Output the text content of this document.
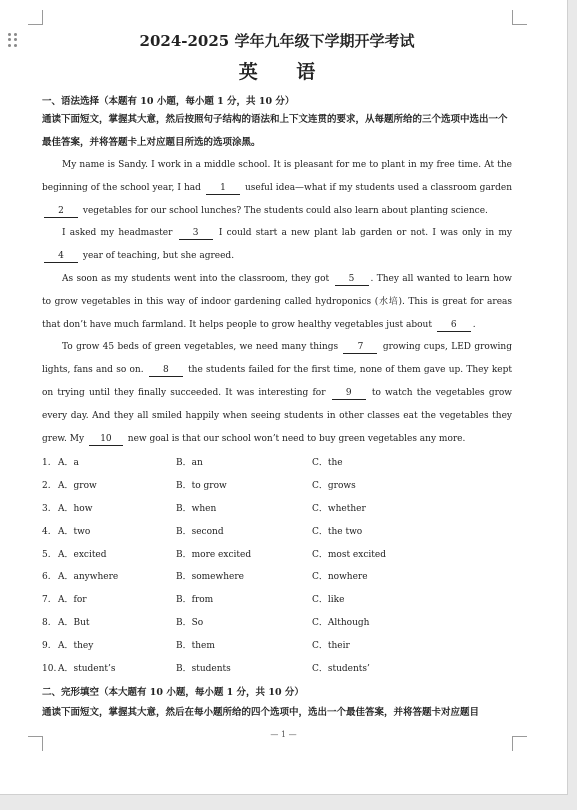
2024-2025 学年九年级下学期开学考试
英 语

一、语法选择（本题有 10 小题，每小题 1 分，共 10 分）

通读下面短文，掌握其大意，然后按照句子结构的语法和上下文连贯的要求，从每题所给的三个选项中选出一个最佳答案，并将答题卡上对应题目所选的选项涂黑。

My name is Sandy. I work in a middle school. It is pleasant for me to plant in my free time. At the beginning of the school year, I had 1 useful idea—what if my students used a classroom garden 2 vegetables for our school lunches? The students could also learn about planting science.

I asked my headmaster 3 I could start a new plant lab garden or not. I was only in my 4 year of teaching, but she agreed.

As soon as my students went into the classroom, they got 5 . They all wanted to learn how to grow vegetables in this way of indoor gardening called hydroponics (水培). This is great for areas that don’t have much farmland. It helps people to grow healthy vegetables just about 6 .

To grow 45 beds of green vegetables, we need many things 7 growing cups, LED growing lights, fans and so on. 8 the students failed for the first time, none of them gave up. They kept on trying until they finally succeeded. It was interesting for 9 to watch the vegetables grow every day. And they all smiled happily when seeing students in other classes eat the vegetables they grew. My 10 new goal is that our school won’t need to buy green vegetables any more.

1. A．a	B．an	C．the
2. A．grow	B．to grow	C．grows
3. A．how	B．when	C．whether
4. A．two	B．second	C．the two
5. A．excited	B．more excited	C．most excited
6. A．anywhere	B．somewhere	C．nowhere
7. A．for	B．from	C．like
8. A．But	B．So	C．Although
9. A．they	B．them	C．their
10. A．student’s	B．students	C．students’

二、完形填空（本大题有 10 小题，每小题 1 分，共 10 分）

通读下面短文，掌握其大意，然后在每小题所给的四个选项中，选出一个最佳答案，并将答题卡对应题目

— 1 —
